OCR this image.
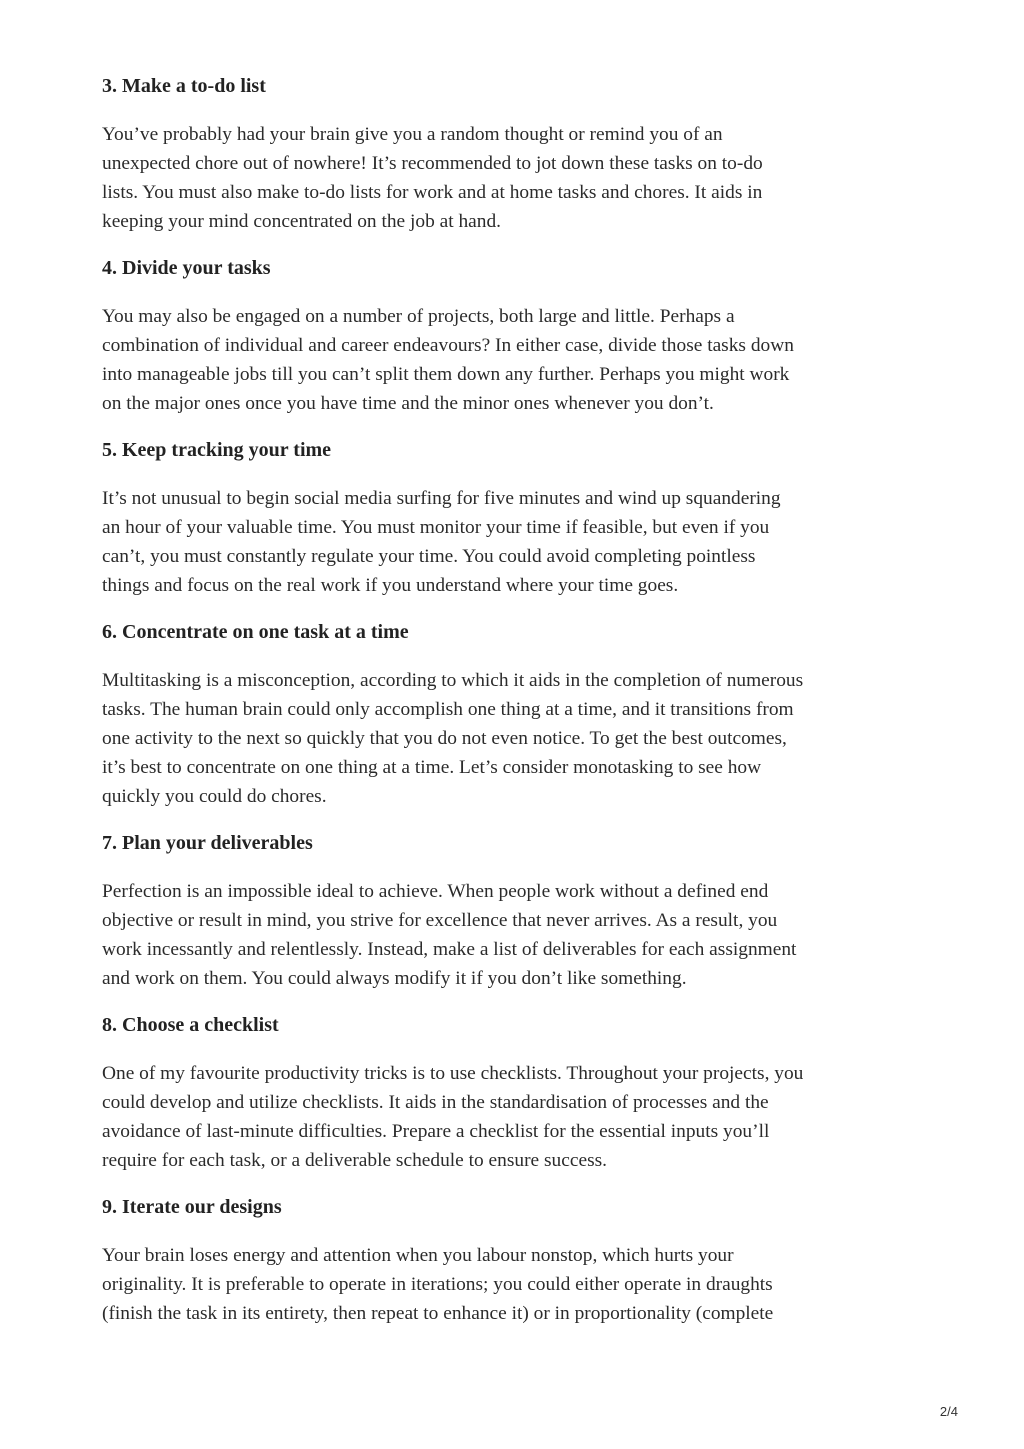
3. Make a to-do list

You’ve probably had your brain give you a random thought or remind you of an
unexpected chore out of nowhere! It’s recommended to jot down these tasks on to-do
lists. You must also make to-do lists for work and at home tasks and chores. It aids in
keeping your mind concentrated on the job at hand.

4. Divide your tasks

You may also be engaged on a number of projects, both large and little. Perhaps a
combination of individual and career endeavours? In either case, divide those tasks down
into manageable jobs till you can’t split them down any further. Perhaps you might work
on the major ones once you have time and the minor ones whenever you don’t.

5. Keep tracking your time

It’s not unusual to begin social media surfing for five minutes and wind up squandering
an hour of your valuable time. You must monitor your time if feasible, but even if you
can’t, you must constantly regulate your time. You could avoid completing pointless
things and focus on the real work if you understand where your time goes.

6. Concentrate on one task at a time

Multitasking is a misconception, according to which it aids in the completion of numerous
tasks. The human brain could only accomplish one thing at a time, and it transitions from
one activity to the next so quickly that you do not even notice. To get the best outcomes,
it’s best to concentrate on one thing at a time. Let’s consider monotasking to see how
quickly you could do chores.

7. Plan your deliverables

Perfection is an impossible ideal to achieve. When people work without a defined end
objective or result in mind, you strive for excellence that never arrives. As a result, you
work incessantly and relentlessly. Instead, make a list of deliverables for each assignment
and work on them. You could always modify it if you don’t like something.

8. Choose a checklist

One of my favourite productivity tricks is to use checklists. Throughout your projects, you
could develop and utilize checklists. It aids in the standardisation of processes and the
avoidance of last-minute difficulties. Prepare a checklist for the essential inputs you’ll
require for each task, or a deliverable schedule to ensure success.

9. Iterate our designs

Your brain loses energy and attention when you labour nonstop, which hurts your
originality. It is preferable to operate in iterations; you could either operate in draughts
(finish the task in its entirety, then repeat to enhance it) or in proportionality (complete

2/4
